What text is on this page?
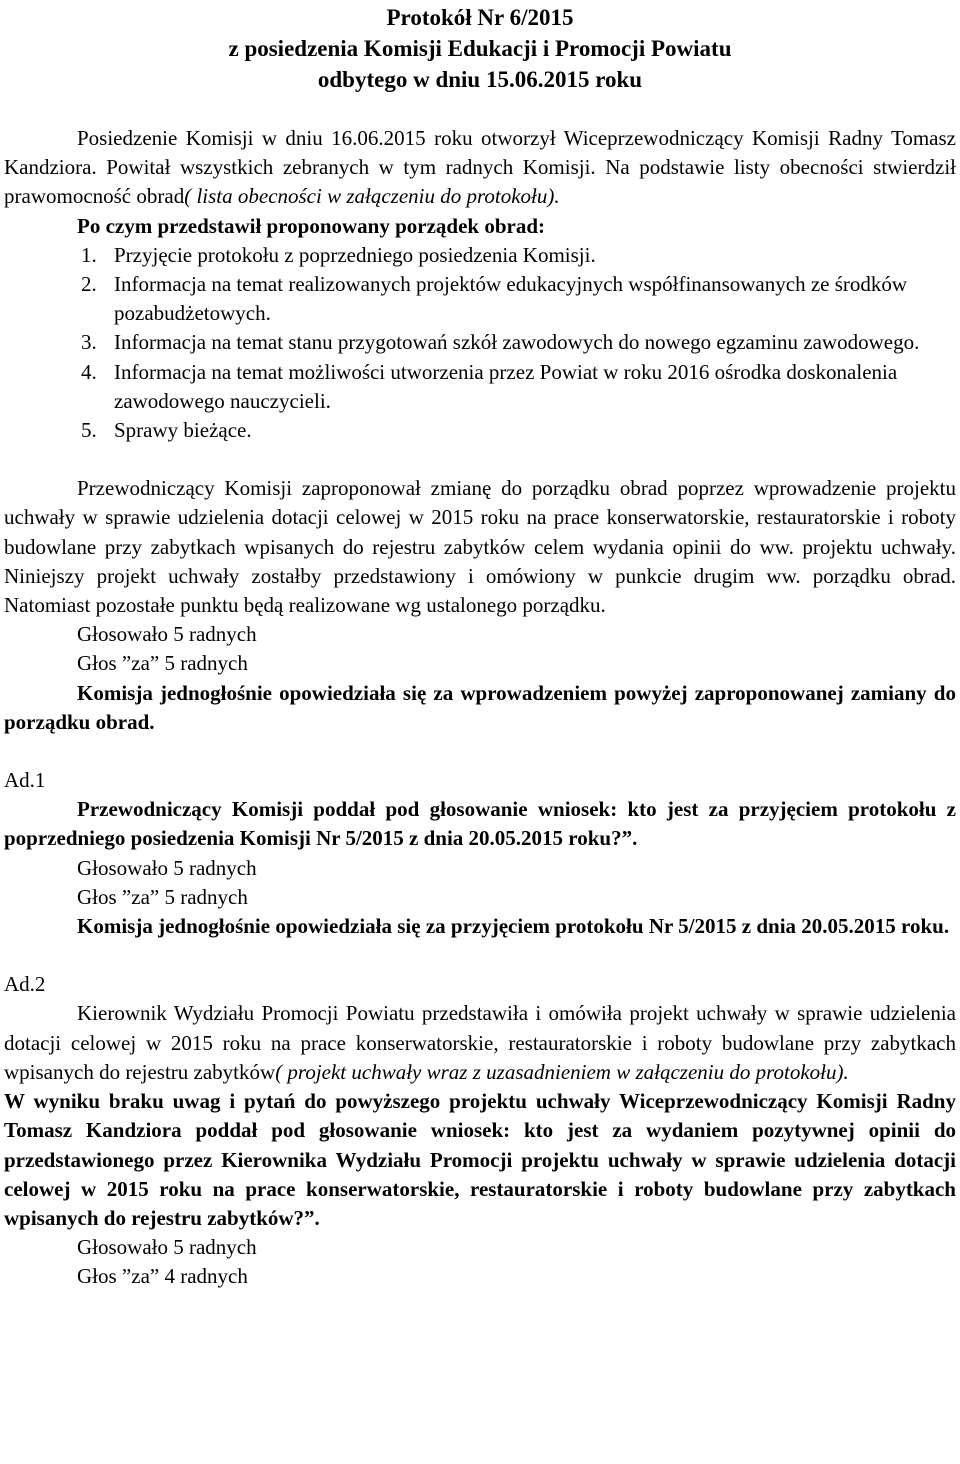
Protokół Nr 6/2015
z posiedzenia Komisji Edukacji i Promocji Powiatu
odbytego w dniu 15.06.2015 roku

Posiedzenie Komisji w dniu 16.06.2015 roku otworzył Wiceprzewodniczący Komisji Radny Tomasz Kandziora. Powitał wszystkich zebranych w tym radnych Komisji. Na podstawie listy obecności stwierdził prawomocność obrad( lista obecności w załączeniu do protokołu).

Po czym przedstawił proponowany porządek obrad:

1. Przyjęcie protokołu z poprzedniego posiedzenia Komisji.
2. Informacja na temat realizowanych projektów edukacyjnych współfinansowanych ze środków pozabudżetowych.
3. Informacja na temat stanu przygotowań szkół zawodowych do nowego egzaminu zawodowego.
4. Informacja na temat możliwości utworzenia przez Powiat w roku 2016 ośrodka doskonalenia zawodowego nauczycieli.
5. Sprawy bieżące.

Przewodniczący Komisji zaproponował zmianę do porządku obrad poprzez wprowadzenie projektu uchwały w sprawie udzielenia dotacji celowej w 2015 roku na prace konserwatorskie, restauratorskie i roboty budowlane przy zabytkach wpisanych do rejestru zabytków celem wydania opinii do ww. projektu uchwały. Niniejszy projekt uchwały zostałby przedstawiony i omówiony w punkcie drugim ww. porządku obrad. Natomiast pozostałe punktu będą realizowane wg ustalonego porządku.

Głosowało 5 radnych

Głos ”za” 5 radnych

Komisja jednogłośnie opowiedziała się za wprowadzeniem powyżej zaproponowanej zamiany do porządku obrad.

Ad.1

Przewodniczący Komisji poddał pod głosowanie wniosek: kto jest za przyjęciem protokołu z poprzedniego posiedzenia Komisji Nr 5/2015 z dnia 20.05.2015 roku?”.

Głosowało 5 radnych

Głos ”za” 5 radnych

Komisja jednogłośnie opowiedziała się za przyjęciem protokołu Nr 5/2015 z dnia 20.05.2015 roku.

Ad.2

Kierownik Wydziału Promocji Powiatu przedstawiła i omówiła projekt uchwały w sprawie udzielenia dotacji celowej w 2015 roku na prace konserwatorskie, restauratorskie i roboty budowlane przy zabytkach wpisanych do rejestru zabytków( projekt uchwały wraz z uzasadnieniem w załączeniu do protokołu).

W wyniku braku uwag i pytań do powyższego projektu uchwały Wiceprzewodniczący Komisji Radny Tomasz Kandziora poddał pod głosowanie wniosek: kto jest za wydaniem pozytywnej opinii do przedstawionego przez Kierownika Wydziału Promocji projektu uchwały w sprawie udzielenia dotacji celowej w 2015 roku na prace konserwatorskie, restauratorskie i roboty budowlane przy zabytkach wpisanych do rejestru zabytków?”.

Głosowało 5 radnych

Głos ”za” 4 radnych
